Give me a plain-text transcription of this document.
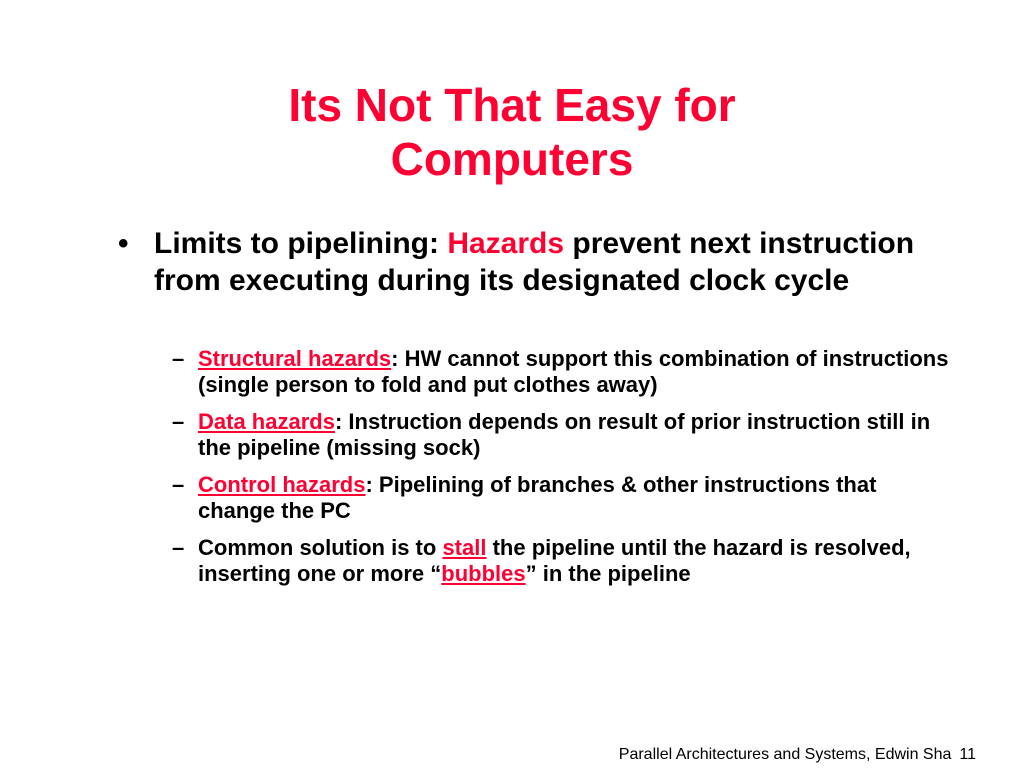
Its Not That Easy for
Computers
• Limits to pipelining: Hazards prevent next instruction from executing during its designated clock cycle
– Structural hazards: HW cannot support this combination of instructions (single person to fold and put clothes away)
– Data hazards: Instruction depends on result of prior instruction still in the pipeline (missing sock)
– Control hazards: Pipelining of branches & other instructions that change the PC
– Common solution is to stall the pipeline until the hazard is resolved, inserting one or more “bubbles” in the pipeline
Parallel Architectures and Systems, Edwin Sha 11
